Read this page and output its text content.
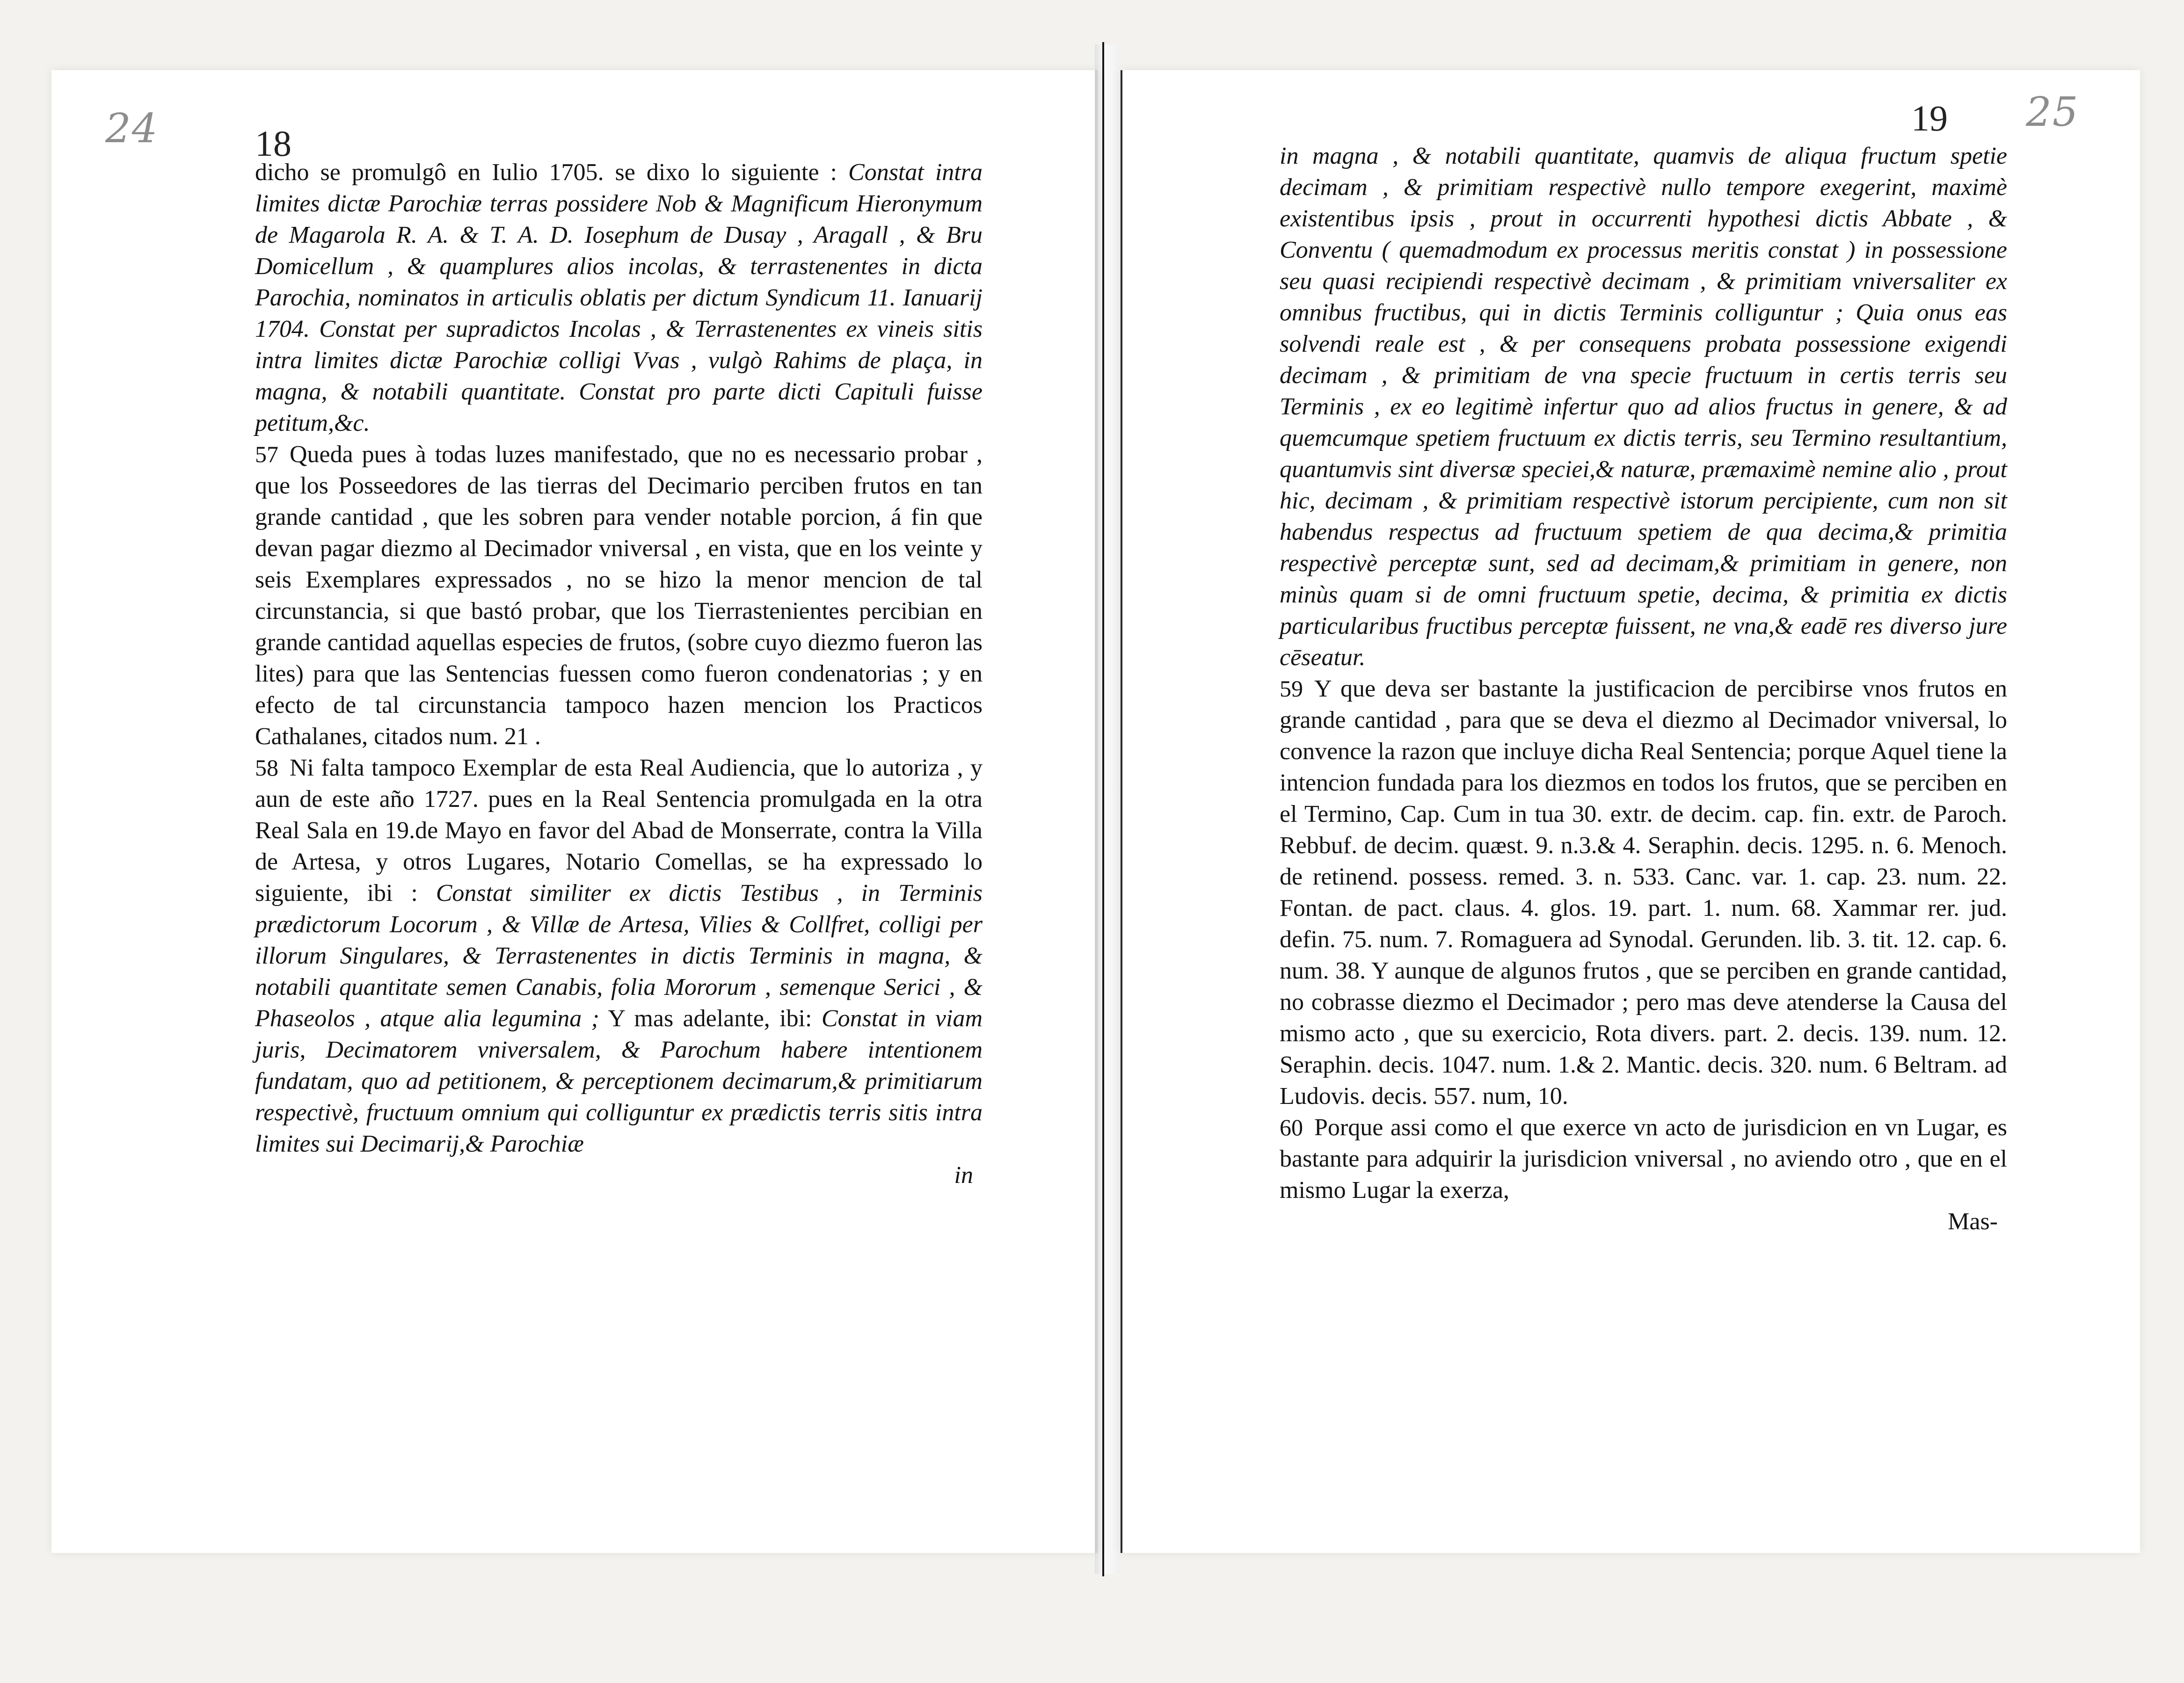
24	18

dicho se promulgô en Iulio 1705. se dixo lo siguiente : Constat intra limites dictæ Parochiæ terras possidere Nob & Magnificum Hieronymum de Magarola R. A. & T. A. D. Iosephum de Dusay , Aragall , & Bru Domicellum , & quamplures alios incolas, & terrastenentes in dicta Parochia, nominatos in articulis oblatis per dictum Syndicum 11. Ianuarij 1704. Constat per supradictos Incolas , & Terrastenentes ex vineis sitis intra limites dictæ Parochiæ colligi Vvas , vulgò Rahims de plaça, in magna, & notabili quantitate. Constat pro parte dicti Capituli fuisse petitum,&c.

57 Queda pues à todas luzes manifestado, que no es necessario probar , que los Posseedores de las tierras del Decimario perciben frutos en tan grande cantidad , que les sobren para vender notable porcion, á fin que devan pagar diezmo al Decimador vniversal , en vista, que en los veinte y seis Exemplares expressados , no se hizo la menor mencion de tal circunstancia, si que bastó probar, que los Tierrastenientes percibian en grande cantidad aquellas especies de frutos, (sobre cuyo diezmo fueron las lites) para que las Sentencias fuessen como fueron condenatorias ; y en efecto de tal circunstancia tampoco hazen mencion los Practicos Cathalanes, citados num. 21 .

58 Ni falta tampoco Exemplar de esta Real Audiencia, que lo autoriza , y aun de este año 1727. pues en la Real Sentencia promulgada en la otra Real Sala en 19.de Mayo en favor del Abad de Monserrate, contra la Villa de Artesa, y otros Lugares, Notario Comellas, se ha expressado lo siguiente, ibi : Constat similiter ex dictis Testibus , in Terminis prædictorum Locorum , & Villæ de Artesa, Vilies & Collfret, colligi per illorum Singulares, & Terrastenentes in dictis Terminis in magna, & notabili quantitate semen Canabis, folia Mororum , semenque Serici , & Phaseolos , atque alia legumina ; Y mas adelante, ibi: Constat in viam juris, Decimatorem vniversalem, & Parochum habere intentionem fundatam, quo ad petitionem, & perceptionem decimarum,& primitiarum respectivè, fructuum omnium qui colliguntur ex prædictis terris sitis intra limites sui Decimarij,& Parochiæ

in

19 25

in magna , & notabili quantitate, quamvis de aliqua fructum spetie decimam , & primitiam respectivè nullo tempore exegerint, maximè existentibus ipsis , prout in occurrenti hypothesi dictis Abbate , & Conventu ( quemadmodum ex processus meritis constat ) in possessione seu quasi recipiendi respectivè decimam , & primitiam vniversaliter ex omnibus fructibus, qui in dictis Terminis colliguntur ; Quia onus eas solvendi reale est , & per consequens probata possessione exigendi decimam , & primitiam de vna specie fructuum in certis terris seu Terminis , ex eo legitimè infertur quo ad alios fructus in genere, & ad quemcumque spetiem fructuum ex dictis terris, seu Termino resultantium, quantumvis sint diversæ speciei,& naturæ, præmaximè nemine alio , prout hic, decimam , & primitiam respectivè istorum percipiente, cum non sit habendus respectus ad fructuum spetiem de qua decima,& primitia respectivè perceptæ sunt, sed ad decimam,& primitiam in genere, non minùs quam si de omni fructuum spetie, decima, & primitia ex dictis particularibus fructibus perceptæ fuissent, ne vna,& eadē res diverso jure cēseatur.

59 Y que deva ser bastante la justificacion de percibirse vnos frutos en grande cantidad , para que se deva el diezmo al Decimador vniversal, lo convence la razon que incluye dicha Real Sentencia; porque Aquel tiene la intencion fundada para los diezmos en todos los frutos, que se perciben en el Termino, Cap. Cum in tua 30. extr. de decim. cap. fin. extr. de Paroch. Rebbuf. de decim. quæst. 9. n.3.& 4. Seraphin. decis. 1295. n. 6. Menoch. de retinend. possess. remed. 3. n. 533. Canc. var. 1. cap. 23. num. 22. Fontan. de pact. claus. 4. glos. 19. part. 1. num. 68. Xammar rer. jud. defin. 75. num. 7. Romaguera ad Synodal. Gerunden. lib. 3. tit. 12. cap. 6. num. 38. Y aunque de algunos frutos , que se perciben en grande cantidad, no cobrasse diezmo el Decimador ; pero mas deve atenderse la Causa del mismo acto , que su exercicio, Rota divers. part. 2. decis. 139. num. 12. Seraphin. decis. 1047. num. 1.& 2. Mantic. decis. 320. num. 6 Beltram. ad Ludovis. decis. 557. num, 10.

60 Porque assi como el que exerce vn acto de jurisdicion en vn Lugar, es bastante para adquirir la jurisdicion vniversal , no aviendo otro , que en el mismo Lugar la exerza,

Mas-
